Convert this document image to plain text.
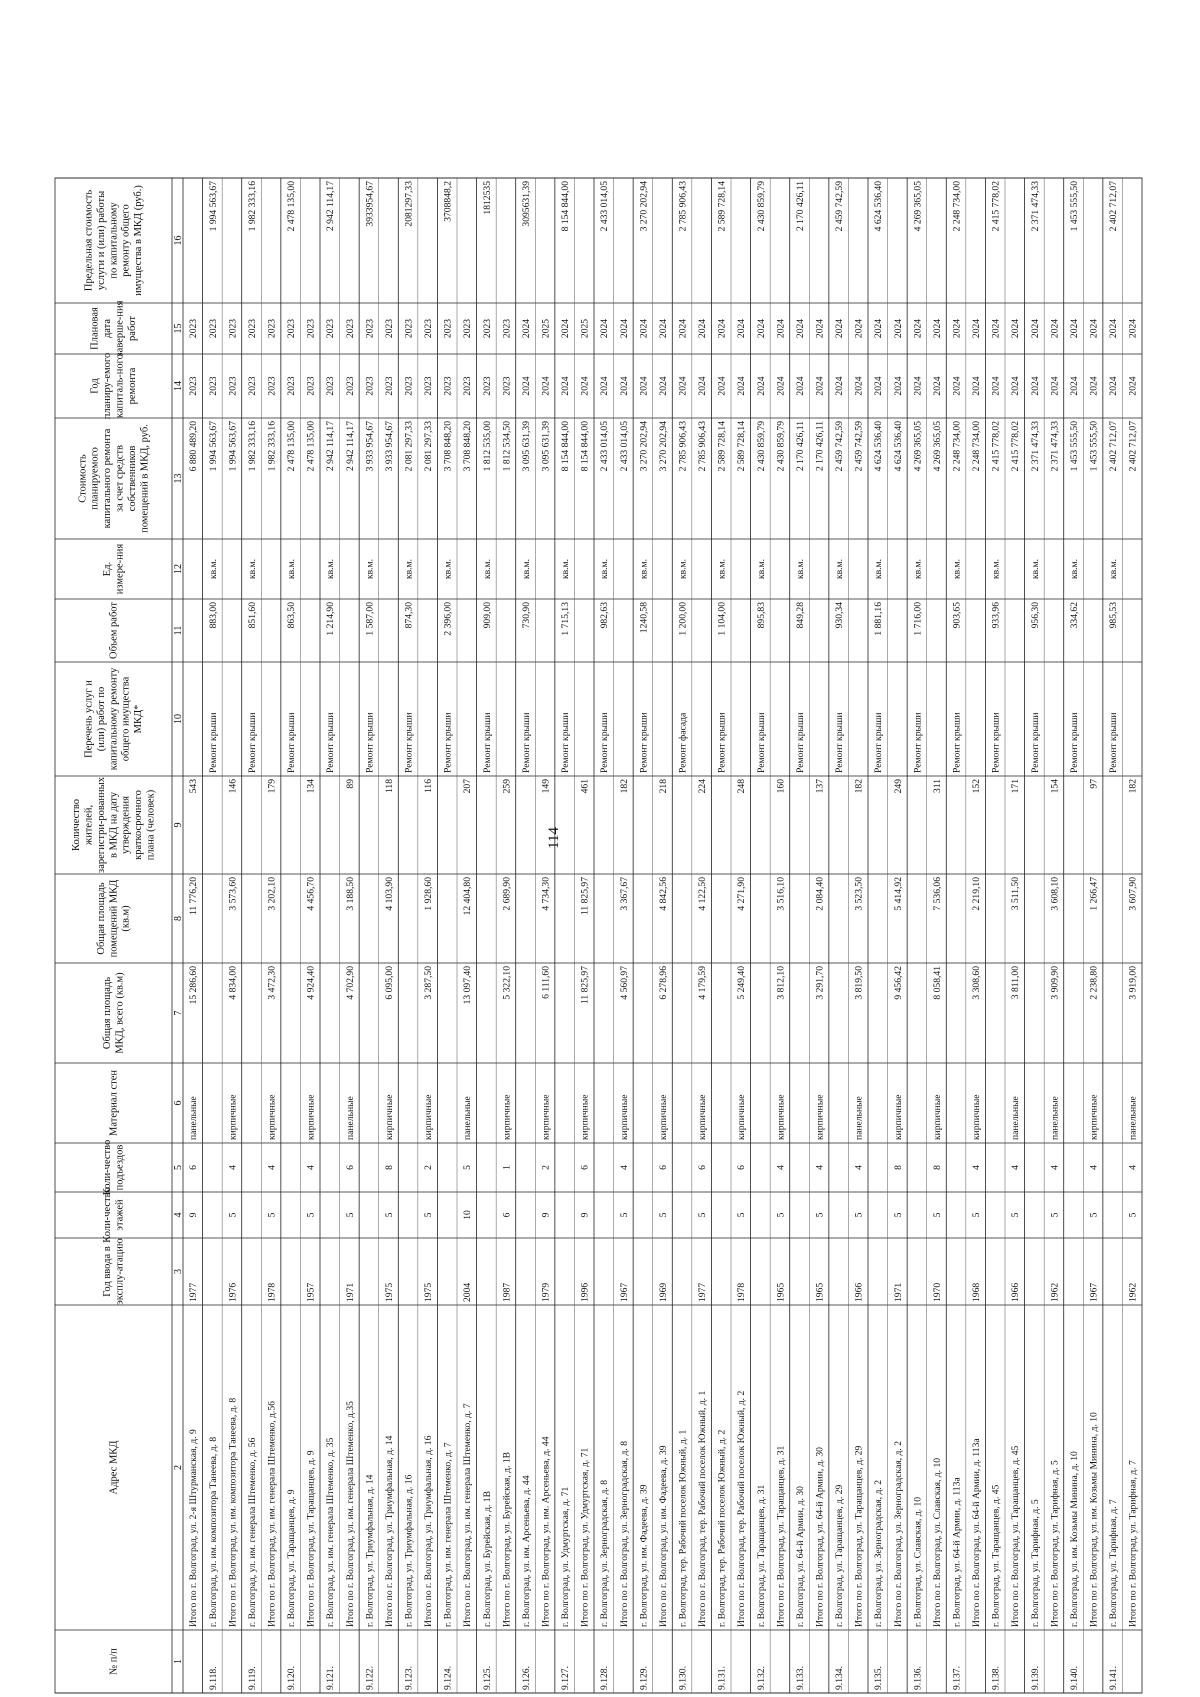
114
№ п/п
Адрес МКД
Год ввода в эксплу-атацию
Коли-чество этажей
Коли-чество подъездов
Материал стен
Общая площадь МКД, всего (кв.м)
Общая площадь помещений МКД (кв.м)
Количество жителей, зарегистри-рованных в МКД на дату утверждения краткосрочного плана (человек)
Перечень услуг и (или) работ по капитальному ремонту общего имущества МКД*
Объем работ
Ед. измере-ния
Стоимость планируемого капитального ремонта за счет средств собственников помещений в МКД, руб.
Год планиру-емого капиталь-ного ремонта
Плановая дата заверше-ния работ
Предельная стоимость услуги и (или) работы по капитальному ремонту общего имущества в МКД (руб.)
1
2
3
4
5
6
7
8
9
10
11
12
13
14
15
16
Итого по г. Волгоград, ул. 2-я Штурманская, д. 9
1977
9
6
панельные
15 286,60
11 776,20
543
6 880 489,20
2023
2023
9.118.
г. Волгоград, ул. им. композитора Танеева, д. 8
Ремонт крыши
883,00
кв.м.
1 994 563,67
2023
2023
1 994 563,67
Итого по г. Волгоград, ул. им. композитора Танеева, д. 8
1976
5
4
кирпичные
4 834,00
3 573,60
146
1 994 563,67
2023
2023
9.119.
г. Волгоград, ул. им. генерала Штеменко, д. 56
Ремонт крыши
851,60
кв.м.
1 982 333,16
2023
2023
1 982 333,16
Итого по г. Волгоград, ул. им. генерала Штеменко, д.56
1978
5
4
кирпичные
3 472,30
3 202,10
179
1 982 333,16
2023
2023
9.120.
г. Волгоград, ул. Таращанцев, д. 9
Ремонт крыши
863,50
кв.м.
2 478 135,00
2023
2023
2 478 135,00
Итого по г. Волгоград, ул. Таращанцев, д. 9
1957
5
4
кирпичные
4 924,40
4 456,70
134
2 478 135,00
2023
2023
9.121.
г. Волгоград, ул. им. генерала Штеменко, д. 35
Ремонт крыши
1 214,90
кв.м.
2 942 114,17
2023
2023
2 942 114,17
Итого по г. Волгоград, ул. им. генерала Штеменко, д.35
1971
5
6
панельные
4 702,90
3 188,50
89
2 942 114,17
2023
2023
9.122.
г. Волгоград, ул. Триумфальная, д. 14
Ремонт крыши
1 587,00
кв.м.
3 933 954,67
2023
2023
3933954,67
Итого по г. Волгоград, ул. Триумфальная, д. 14
1975
5
8
кирпичные
6 095,00
4 103,90
118
3 933 954,67
2023
2023
9.123.
г. Волгоград, ул. Триумфальная, д. 16
Ремонт крыши
874,30
кв.м.
2 081 297,33
2023
2023
2081297,33
Итого по г. Волгоград, ул. Триумфальная, д. 16
1975
5
2
кирпичные
3 287,50
1 928,60
116
2 081 297,33
2023
2023
9.124.
г. Волгоград, ул. им. генерала Штеменко, д. 7
Ремонт крыши
2 396,00
кв.м.
3 708 848,20
2023
2023
3708848,2
Итого по г. Волгоград, ул. им. генерала Штеменко, д. 7
2004
10
5
панельные
13 097,40
12 404,80
207
3 708 848,20
2023
2023
9.125.
г. Волгоград, ул. Бурейская, д. 1В
Ремонт крыши
909,00
кв.м.
1 812 535,00
2023
2023
1812535
Итого по г. Волгоград, ул. Бурейская, д. 1В
1987
6
1
кирпичные
5 322,10
2 689,90
259
1 812 534,50
2023
2023
9.126.
г. Волгоград, ул. им. Арсеньева, д. 44
Ремонт крыши
730,90
кв.м.
3 095 631,39
2024
2024
3095631,39
Итого по г. Волгоград, ул. им. Арсеньева, д. 44
1979
9
2
кирпичные
6 111,60
4 734,30
149
3 095 631,39
2024
2025
9.127.
г. Волгоград, ул. Удмуртская, д. 71
Ремонт крыши
1 715,13
кв.м.
8 154 844,00
2024
2024
8 154 844,00
Итого по г. Волгоград, ул. Удмуртская, д. 71
1996
9
6
кирпичные
11 825,97
11 825,97
461
8 154 844,00
2024
2025
9.128.
г. Волгоград, ул. Зерноградская, д. 8
Ремонт крыши
982,63
кв.м.
2 433 014,05
2024
2024
2 433 014,05
Итого по г. Волгоград, ул. Зерноградская, д. 8
1967
5
4
кирпичные
4 560,97
3 367,67
182
2 433 014,05
2024
2024
9.129.
г. Волгоград, ул. им. Фадеева, д. 39
Ремонт крыши
1240,58
кв.м.
3 270 202,94
2024
2024
3 270 202,94
Итого по г. Волгоград, ул. им. Фадеева, д. 39
1969
5
6
кирпичные
6 278,96
4 842,56
218
3 270 202,94
2024
2024
9.130.
г. Волгоград, тер. Рабочий поселок Южный, д. 1
Ремонт фасада
1 200,00
кв.м.
2 785 906,43
2024
2024
2 785 906,43
Итого по г. Волгоград, тер. Рабочий поселок Южный, д. 1
1977
5
6
кирпичные
4 179,59
4 122,50
224
2 785 906,43
2024
2024
9.131.
г. Волгоград, тер. Рабочий поселок Южный, д. 2
Ремонт крыши
1 104,00
кв.м.
2 589 728,14
2024
2024
2 589 728,14
Итого по г. Волгоград, тер. Рабочий поселок Южный, д. 2
1978
5
6
кирпичные
5 249,40
4 271,90
248
2 589 728,14
2024
2024
9.132.
г. Волгоград, ул. Таращанцев, д. 31
Ремонт крыши
895,83
кв.м.
2 430 859,79
2024
2024
2 430 859,79
Итого по г. Волгоград, ул. Таращанцев, д. 31
1965
5
4
кирпичные
3 812,10
3 516,10
160
2 430 859,79
2024
2024
9.133.
г. Волгоград, ул. 64-й Армии, д. 30
Ремонт крыши
849,28
кв.м.
2 170 426,11
2024
2024
2 170 426,11
Итого по г. Волгоград, ул. 64-й Армии, д. 30
1965
5
4
кирпичные
3 291,70
2 084,40
137
2 170 426,11
2024
2024
9.134.
г. Волгоград, ул. Таращанцев, д. 29
Ремонт крыши
930,34
кв.м.
2 459 742,59
2024
2024
2 459 742,59
Итого по г. Волгоград, ул. Таращанцев, д. 29
1966
5
4
панельные
3 819,50
3 523,50
182
2 459 742,59
2024
2024
9.135.
г. Волгоград, ул. Зерноградская, д. 2
Ремонт крыши
1 881,16
кв.м.
4 624 536,40
2024
2024
4 624 536,40
Итого по г. Волгоград, ул. Зерноградская, д. 2
1971
5
8
кирпичные
9 456,42
5 414,92
249
4 624 536,40
2024
2024
9.136.
г. Волгоград, ул. Славская, д. 10
Ремонт крыши
1 716,00
кв.м.
4 269 365,05
2024
2024
4 269 365,05
Итого по г. Волгоград, ул. Славская, д. 10
1970
5
8
кирпичные
8 058,41
7 536,06
311
4 269 365,05
2024
2024
9.137.
г. Волгоград, ул. 64-й Армии, д. 113а
Ремонт крыши
903,65
кв.м.
2 248 734,00
2024
2024
2 248 734,00
Итого по г. Волгоград, ул. 64-й Армии, д. 113а
1968
5
4
кирпичные
3 308,60
2 219,10
152
2 248 734,00
2024
2024
9.138.
г. Волгоград, ул. Таращанцев, д. 45
Ремонт крыши
933,96
кв.м.
2 415 778,02
2024
2024
2 415 778,02
Итого по г. Волгоград, ул. Таращанцев, д. 45
1966
5
4
панельные
3 811,00
3 511,50
171
2 415 778,02
2024
2024
9.139.
г. Волгоград, ул. Тарифная, д. 5
Ремонт крыши
956,30
кв.м.
2 371 474,33
2024
2024
2 371 474,33
Итого по г. Волгоград, ул. Тарифная, д. 5
1962
5
4
панельные
3 909,90
3 608,10
154
2 371 474,33
2024
2024
9.140.
г. Волгоград, ул. им. Козьмы Минина, д. 10
Ремонт крыши
334,62
кв.м.
1 453 555,50
2024
2024
1 453 555,50
Итого по г. Волгоград, ул. им. Козьмы Минина, д. 10
1967
5
4
кирпичные
2 238,80
1 266,47
97
1 453 555,50
2024
2024
9.141.
г. Волгоград, ул. Тарифная, д. 7
Ремонт крыши
985,53
кв.м.
2 402 712,07
2024
2024
2 402 712,07
Итого по г. Волгоград, ул. Тарифная, д. 7
1962
5
4
панельные
3 919,00
3 607,90
182
2 402 712,07
2024
2024
